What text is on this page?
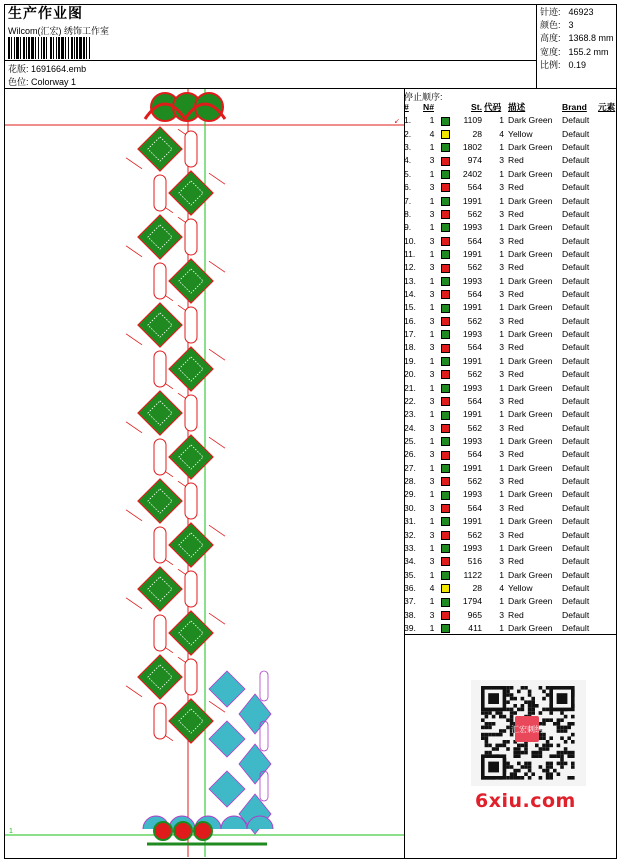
生产作业图
Wilcom(汇宏) 绣饰工作室
花版: 1691664.emb
色位: Colorway 1
针迹: 46923
颜色: 3
高度: 1368.8 mm
宽度: 155.2 mm
比例: 0.19
停止顺序:
#	N#		St.	代码	描述	Brand	元素
1.	1		1109	1	Dark Green	Default	
2.	4		28	4	Yellow	Default	
3.	1		1802	1	Dark Green	Default	
4.	3		974	3	Red	Default	
5.	1		2402	1	Dark Green	Default	
6.	3		564	3	Red	Default	
7.	1		1991	1	Dark Green	Default	
8.	3		562	3	Red	Default	
9.	1		1993	1	Dark Green	Default	
10.	3		564	3	Red	Default	
11.	1		1991	1	Dark Green	Default	
12.	3		562	3	Red	Default	
13.	1		1993	1	Dark Green	Default	
14.	3		564	3	Red	Default	
15.	1		1991	1	Dark Green	Default	
16.	3		562	3	Red	Default	
17.	1		1993	1	Dark Green	Default	
18.	3		564	3	Red	Default	
19.	1		1991	1	Dark Green	Default	
20.	3		562	3	Red	Default	
21.	1		1993	1	Dark Green	Default	
22.	3		564	3	Red	Default	
23.	1		1991	1	Dark Green	Default	
24.	3		562	3	Red	Default	
25.	1		1993	1	Dark Green	Default	
26.	3		564	3	Red	Default	
27.	1		1991	1	Dark Green	Default	
28.	3		562	3	Red	Default	
29.	1		1993	1	Dark Green	Default	
30.	3		564	3	Red	Default	
31.	1		1991	1	Dark Green	Default	
32.	3		562	3	Red	Default	
33.	1		1993	1	Dark Green	Default	
34.	3		516	3	Red	Default	
35.	1		1122	1	Dark Green	Default	
36.	4		28	4	Yellow	Default	
37.	1		1794	1	Dark Green	Default	
38.	3		965	3	Red	Default	
39.	1		411	1	Dark Green	Default	
汇宏刺绣
6xiu.com
1
↙
